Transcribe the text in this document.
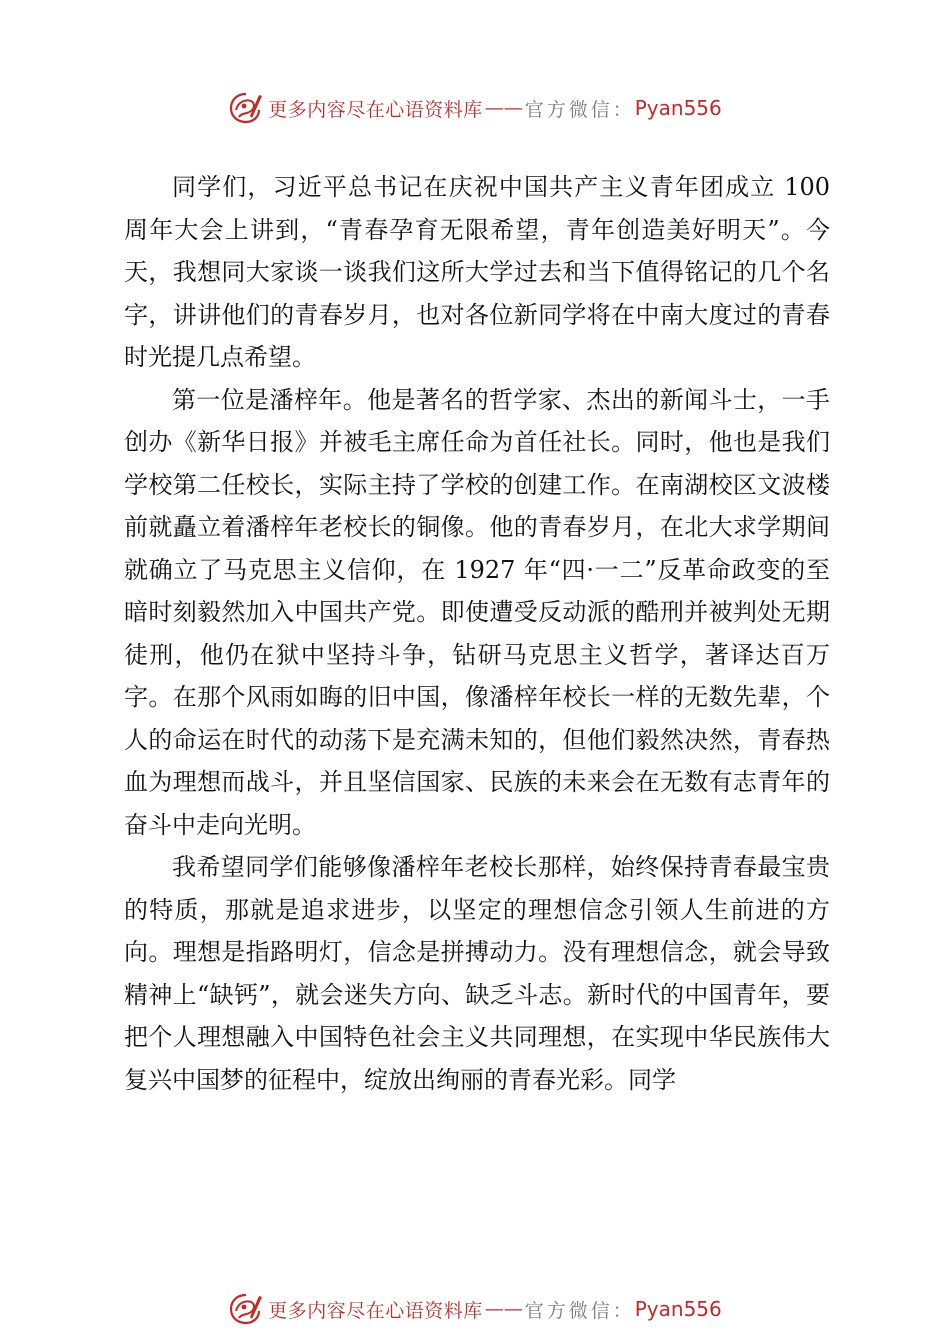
更多内容尽在心语资料库 —— 官方微信： Pyan556

同学们，习近平总书记在庆祝中国共产主义青年团成立 100 周年大会上讲到，“青春孕育无限希望，青年创造美好明天”。今天，我想同大家谈一谈我们这所大学过去和当下值得铭记的几个名字，讲讲他们的青春岁月，也对各位新同学将在中南大度过的青春时光提几点希望。

第一位是潘梓年。他是著名的哲学家、杰出的新闻斗士，一手创办《新华日报》并被毛主席任命为首任社长。同时，他也是我们学校第二任校长，实际主持了学校的创建工作。在南湖校区文波楼前就矗立着潘梓年老校长的铜像。他的青春岁月，在北大求学期间就确立了马克思主义信仰，在 1927 年“四·一二”反革命政变的至暗时刻毅然加入中国共产党。即使遭受反动派的酷刑并被判处无期徒刑，他仍在狱中坚持斗争，钻研马克思主义哲学，著译达百万字。在那个风雨如晦的旧中国，像潘梓年校长一样的无数先辈，个人的命运在时代的动荡下是充满未知的，但他们毅然决然，青春热血为理想而战斗，并且坚信国家、民族的未来会在无数有志青年的奋斗中走向光明。

我希望同学们能够像潘梓年老校长那样，始终保持青春最宝贵的特质，那就是追求进步，以坚定的理想信念引领人生前进的方向。理想是指路明灯，信念是拼搏动力。没有理想信念，就会导致精神上“缺钙”，就会迷失方向、缺乏斗志。新时代的中国青年，要把个人理想融入中国特色社会主义共同理想，在实现中华民族伟大复兴中国梦的征程中，绽放出绚丽的青春光彩。同学

更多内容尽在心语资料库 —— 官方微信： Pyan556
